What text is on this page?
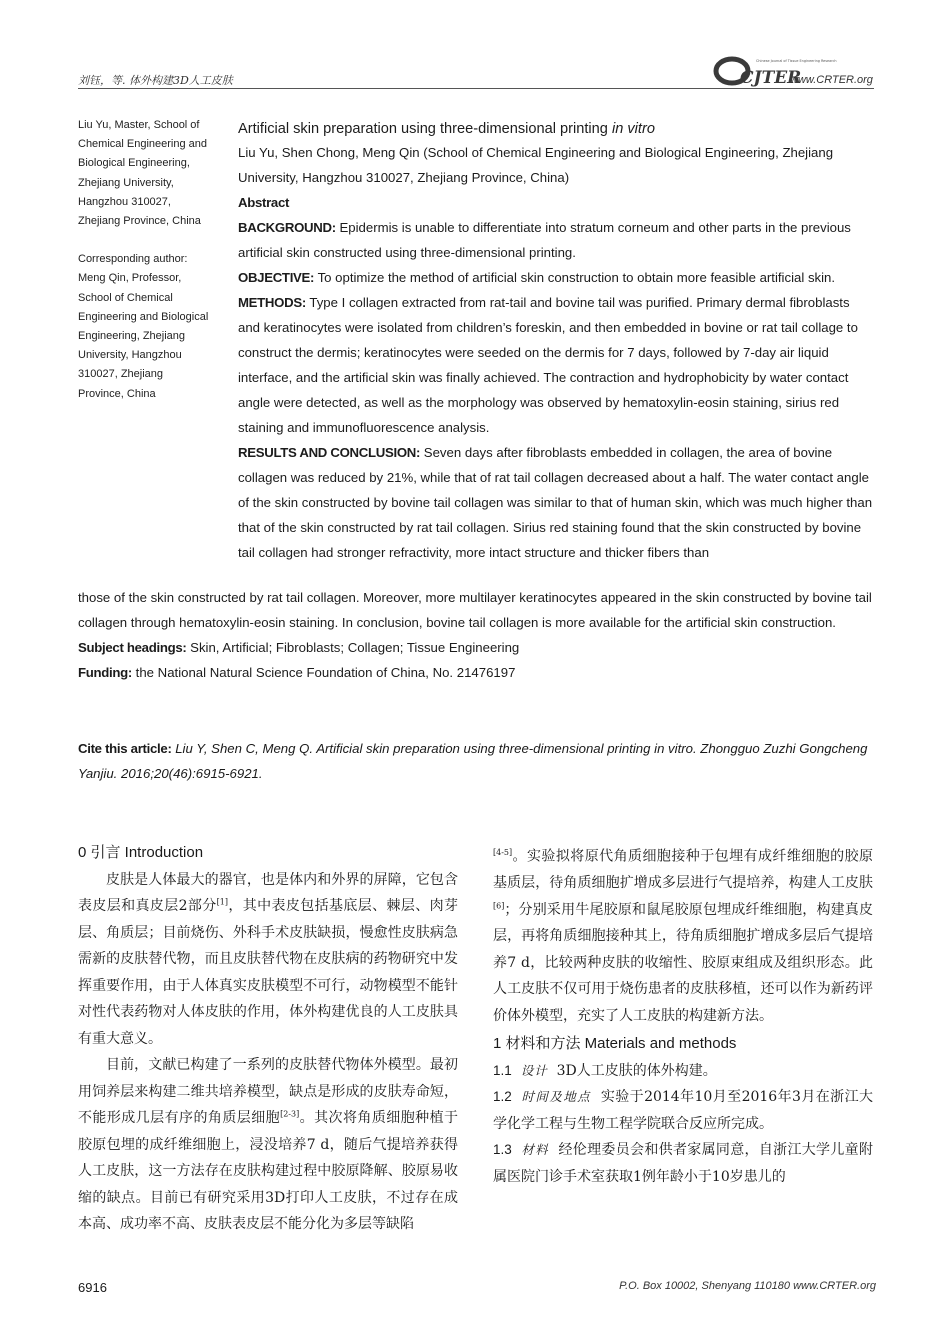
刘钰，等. 体外构建3D人工皮肤	CJTER
Chinese Journal of Tissue Engineering Research
www.CRTER.org

Liu Yu, Master, School of

Chemical Engineering and

Biological Engineering,

Zhejiang University,

Hangzhou 310027,

Zhejiang Province, China

Corresponding author:

Meng Qin, Professor,

School of Chemical

Engineering and Biological

Engineering, Zhejiang

University, Hangzhou

310027, Zhejiang

Province, China

Artificial skin preparation using three-dimensional printing in vitro

Liu Yu, Shen Chong, Meng Qin (School of Chemical Engineering and Biological Engineering, Zhejiang University, Hangzhou 310027, Zhejiang Province, China)

Abstract

BACKGROUND: Epidermis is unable to differentiate into stratum corneum and other parts in the previous artificial skin constructed using three-dimensional printing.

OBJECTIVE: To optimize the method of artificial skin construction to obtain more feasible artificial skin.

METHODS: Type I collagen extracted from rat-tail and bovine tail was purified. Primary dermal fibroblasts and keratinocytes were isolated from children’s foreskin, and then embedded in bovine or rat tail collage to construct the dermis; keratinocytes were seeded on the dermis for 7 days, followed by 7-day air liquid interface, and the artificial skin was finally achieved. The contraction and hydrophobicity by water contact angle were detected, as well as the morphology was observed by hematoxylin-eosin staining, sirius red staining and immunofluorescence analysis.

RESULTS AND CONCLUSION: Seven days after fibroblasts embedded in collagen, the area of bovine collagen was reduced by 21%, while that of rat tail collagen decreased about a half. The water contact angle of the skin constructed by bovine tail collagen was similar to that of human skin, which was much higher than that of the skin constructed by rat tail collagen. Sirius red staining found that the skin constructed by bovine tail collagen had stronger refractivity, more intact structure and thicker fibers than

those of the skin constructed by rat tail collagen. Moreover, more multilayer keratinocytes appeared in the skin constructed by bovine tail collagen through hematoxylin-eosin staining. In conclusion, bovine tail collagen is more available for the artificial skin construction.

Subject headings: Skin, Artificial; Fibroblasts; Collagen; Tissue Engineering

Funding: the National Natural Science Foundation of China, No. 21476197

Cite this article: Liu Y, Shen C, Meng Q. Artificial skin preparation using three-dimensional printing in vitro. Zhongguo Zuzhi Gongcheng Yanjiu. 2016;20(46):6915-6921.

0 引言 Introduction

皮肤是人体最大的器官，也是体内和外界的屏障，它包含表皮层和真皮层2部分[1]，其中表皮包括基底层、棘层、肉芽层、角质层；目前烧伤、外科手术皮肤缺损，慢愈性皮肤病急需新的皮肤替代物，而且皮肤替代物在皮肤病的药物研究中发挥重要作用，由于人体真实皮肤模型不可行，动物模型不能针对性代表药物对人体皮肤的作用，体外构建优良的人工皮肤具有重大意义。

目前，文献已构建了一系列的皮肤替代物体外模型。最初用饲养层来构建二维共培养模型，缺点是形成的皮肤寿命短，不能形成几层有序的角质层细胞[2-3]。其次将角质细胞种植于胶原包埋的成纤维细胞上，浸没培养7 d，随后气提培养获得人工皮肤，这一方法存在皮肤构建过程中胶原降解、胶原易收缩的缺点。目前已有研究采用3D打印人工皮肤，不过存在成本高、成功率不高、皮肤表皮层不能分化为多层等缺陷

[4-5]。实验拟将原代角质细胞接种于包埋有成纤维细胞的胶原基质层，待角质细胞扩增成多层进行气提培养，构建人工皮肤[6]；分别采用牛尾胶原和鼠尾胶原包埋成纤维细胞，构建真皮层，再将角质细胞接种其上，待角质细胞扩增成多层后气提培养7 d，比较两种皮肤的收缩性、胶原束组成及组织形态。此人工皮肤不仅可用于烧伤患者的皮肤移植，还可以作为新药评价体外模型，充实了人工皮肤的构建新方法。

1 材料和方法 Materials and methods

1.1 设计 3D人工皮肤的体外构建。

1.2 时间及地点 实验于2014年10月至2016年3月在浙江大学化学工程与生物工程学院联合反应所完成。

1.3 材料 经伦理委员会和供者家属同意，自浙江大学儿童附属医院门诊手术室获取1例年龄小于10岁患儿的

6916	P.O. Box 10002, Shenyang 110180 www.CRTER.org
